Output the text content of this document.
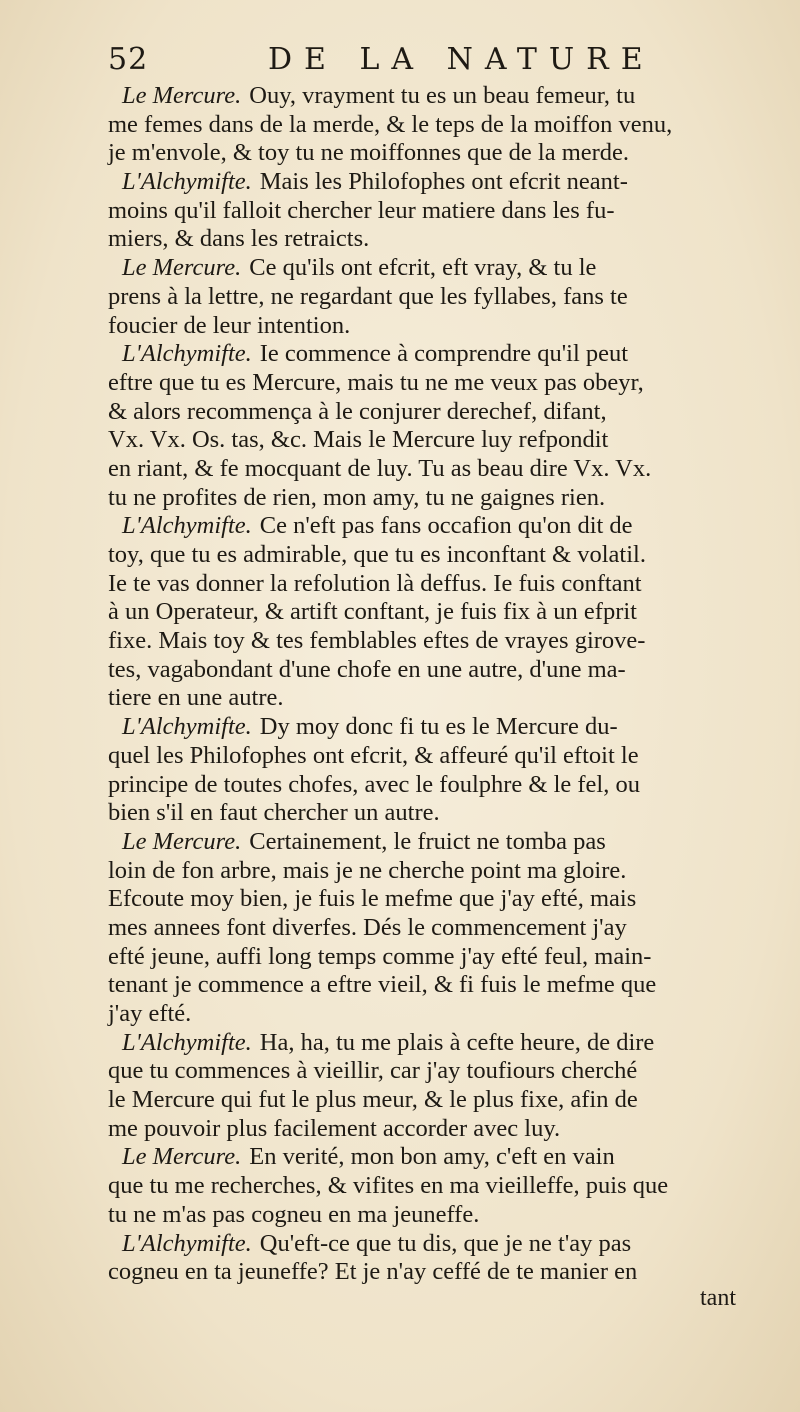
52	DE LA NATURE
Le Mercure. Ouy, vrayment tu es un beau femeur, tu
me femes dans de la merde, & le teps de la moiffon venu,
je m'envole, & toy tu ne moiffonnes que de la merde.
L'Alchymifte. Mais les Philofophes ont efcrit neant-
moins qu'il falloit chercher leur matiere dans les fu-
miers, & dans les retraicts.
Le Mercure. Ce qu'ils ont efcrit, eft vray, & tu le
prens à la lettre, ne regardant que les fyllabes, fans te
foucier de leur intention.
L'Alchymifte. Ie commence à comprendre qu'il peut
eftre que tu es Mercure, mais tu ne me veux pas obeyr,
& alors recommença à le conjurer derechef, difant,
Vx. Vx. Os. tas, &c. Mais le Mercure luy refpondit
en riant, & fe mocquant de luy. Tu as beau dire Vx. Vx.
tu ne profites de rien, mon amy, tu ne gaignes rien.
L'Alchymifte. Ce n'eft pas fans occafion qu'on dit de
toy, que tu es admirable, que tu es inconftant & volatil.
Ie te vas donner la refolution là deffus. Ie fuis conftant
à un Operateur, & artift conftant, je fuis fix à un efprit
fixe. Mais toy & tes femblables eftes de vrayes girove-
tes, vagabondant d'une chofe en une autre, d'une ma-
tiere en une autre.
L'Alchymifte. Dy moy donc fi tu es le Mercure du-
quel les Philofophes ont efcrit, & affeuré qu'il eftoit le
principe de toutes chofes, avec le foulphre & le fel, ou
bien s'il en faut chercher un autre.
Le Mercure. Certainement, le fruict ne tomba pas
loin de fon arbre, mais je ne cherche point ma gloire.
Efcoute moy bien, je fuis le mefme que j'ay efté, mais
mes annees font diverfes. Dés le commencement j'ay
efté jeune, auffi long temps comme j'ay efté feul, main-
tenant je commence a eftre vieil, & fi fuis le mefme que
j'ay efté.
L'Alchymifte. Ha, ha, tu me plais à cefte heure, de dire
que tu commences à vieillir, car j'ay toufiours cherché
le Mercure qui fut le plus meur, & le plus fixe, afin de
me pouvoir plus facilement accorder avec luy.
Le Mercure. En verité, mon bon amy, c'eft en vain
que tu me recherches, & vifites en ma vieilleffe, puis que
tu ne m'as pas cogneu en ma jeuneffe.
L'Alchymifte. Qu'eft-ce que tu dis, que je ne t'ay pas
cogneu en ta jeuneffe? Et je n'ay ceffé de te manier en
tant
